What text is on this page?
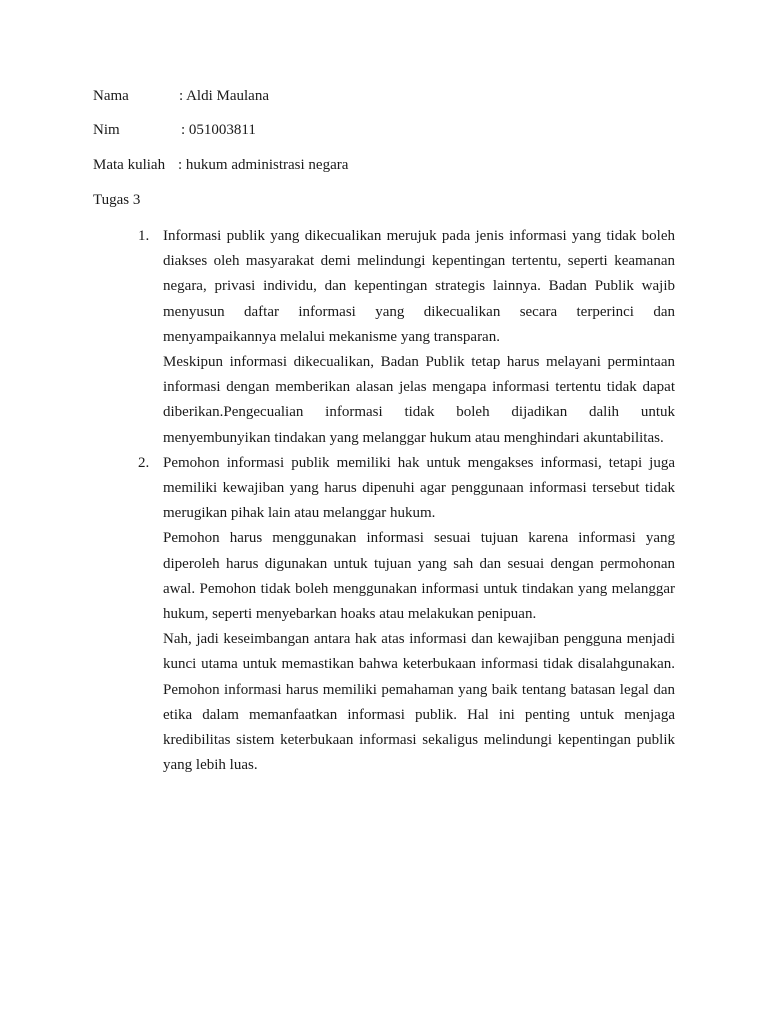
Nama	: Aldi Maulana
Nim	: 051003811
Mata kuliah : hukum administrasi negara
Tugas 3
1. Informasi publik yang dikecualikan merujuk pada jenis informasi yang tidak boleh diakses oleh masyarakat demi melindungi kepentingan tertentu, seperti keamanan negara, privasi individu, dan kepentingan strategis lainnya. Badan Publik wajib menyusun daftar informasi yang dikecualikan secara terperinci dan menyampaikannya melalui mekanisme yang transparan.

Meskipun informasi dikecualikan, Badan Publik tetap harus melayani permintaan informasi dengan memberikan alasan jelas mengapa informasi tertentu tidak dapat diberikan.Pengecualian informasi tidak boleh dijadikan dalih untuk menyembunyikan tindakan yang melanggar hukum atau menghindari akuntabilitas.

2. Pemohon informasi publik memiliki hak untuk mengakses informasi, tetapi juga memiliki kewajiban yang harus dipenuhi agar penggunaan informasi tersebut tidak merugikan pihak lain atau melanggar hukum.

Pemohon harus menggunakan informasi sesuai tujuan karena informasi yang diperoleh harus digunakan untuk tujuan yang sah dan sesuai dengan permohonan awal. Pemohon tidak boleh menggunakan informasi untuk tindakan yang melanggar hukum, seperti menyebarkan hoaks atau melakukan penipuan.

Nah, jadi keseimbangan antara hak atas informasi dan kewajiban pengguna menjadi kunci utama untuk memastikan bahwa keterbukaan informasi tidak disalahgunakan. Pemohon informasi harus memiliki pemahaman yang baik tentang batasan legal dan etika dalam memanfaatkan informasi publik. Hal ini penting untuk menjaga kredibilitas sistem keterbukaan informasi sekaligus melindungi kepentingan publik yang lebih luas.
